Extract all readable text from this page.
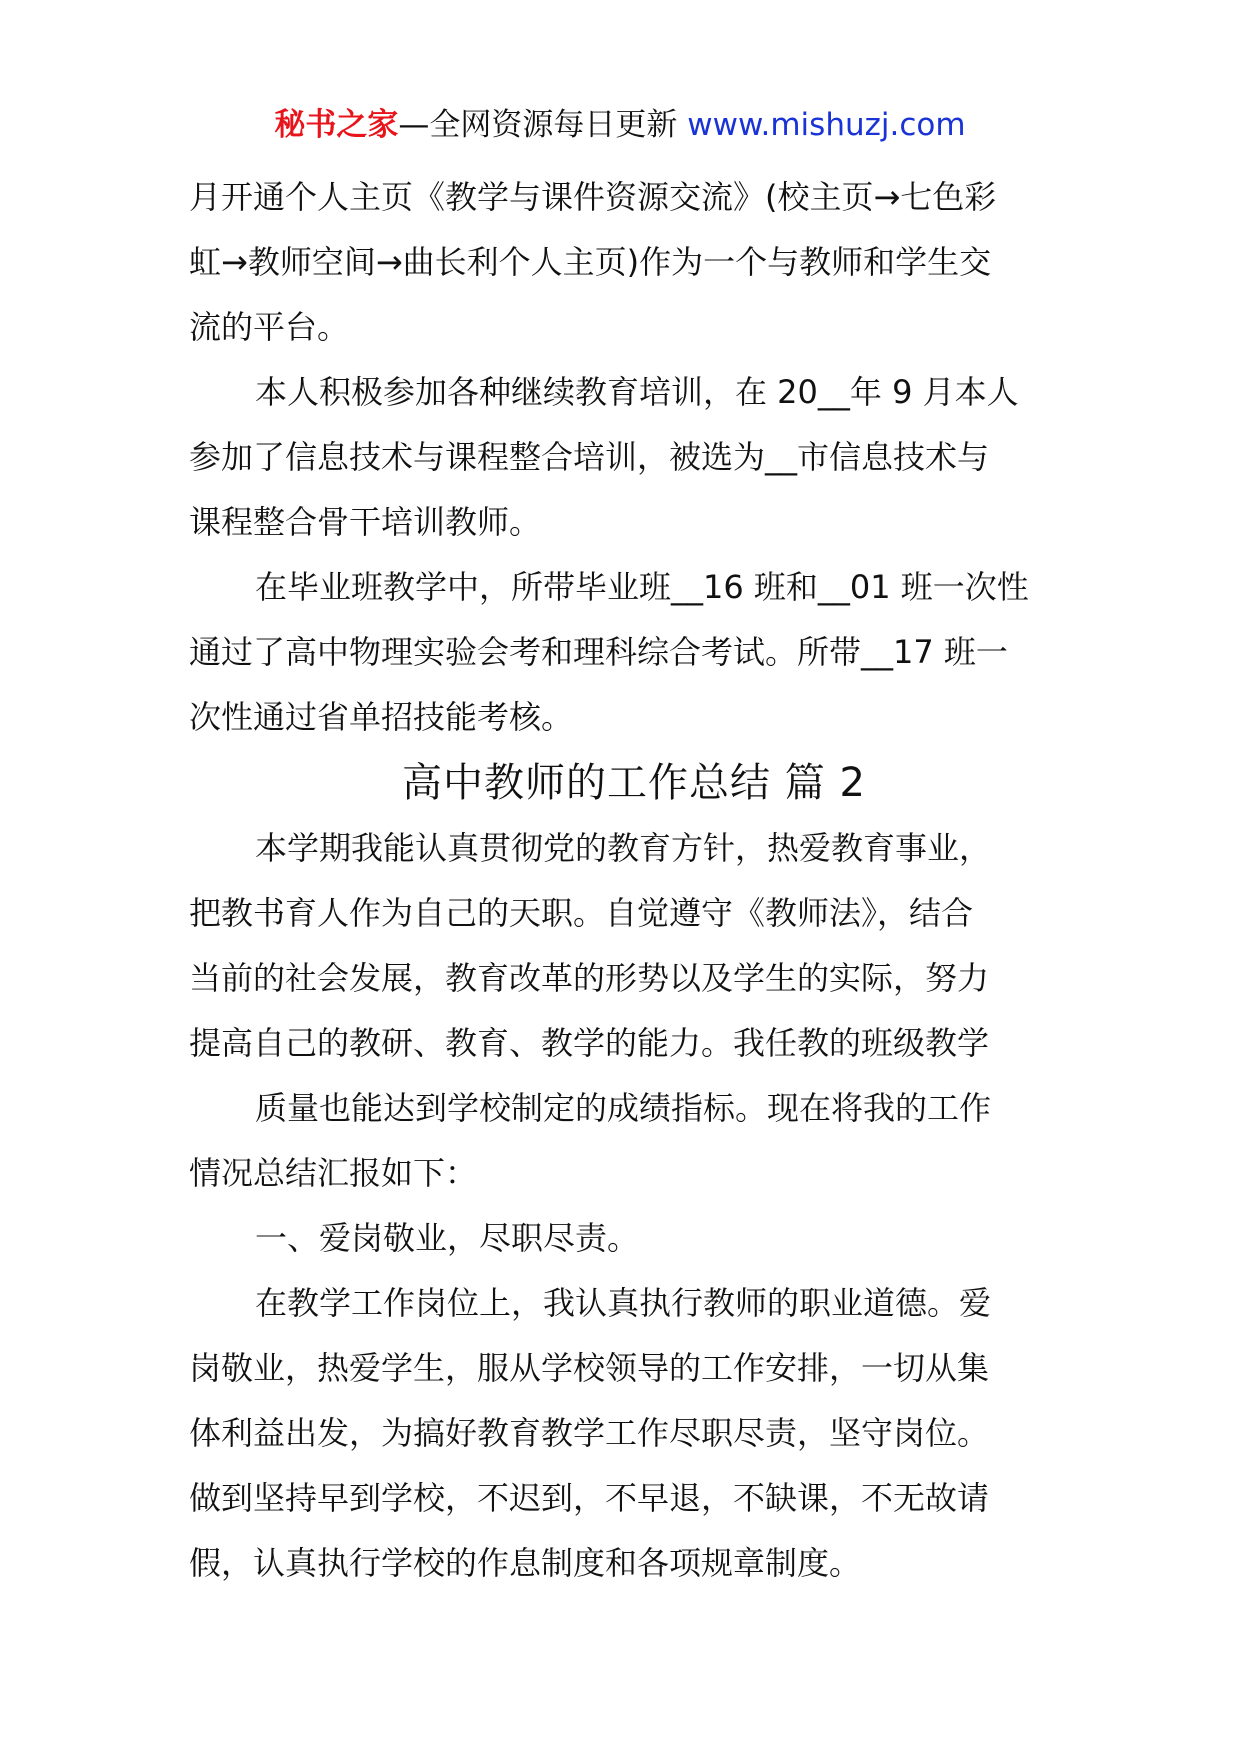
秘书之家—全网资源每日更新 www.mishuzj.com

月开通个人主页《教学与课件资源交流》(校主页→七色彩

虹→教师空间→曲长利个人主页)作为一个与教师和学生交

流的平台。

本人积极参加各种继续教育培训，在 20__年 9 月本人

参加了信息技术与课程整合培训，被选为__市信息技术与

课程整合骨干培训教师。

在毕业班教学中，所带毕业班__16 班和__01 班一次性

通过了高中物理实验会考和理科综合考试。所带__17 班一

次性通过省单招技能考核。

高中教师的工作总结 篇 2

本学期我能认真贯彻党的教育方针，热爱教育事业，

把教书育人作为自己的天职。自觉遵守《教师法》，结合

当前的社会发展，教育改革的形势以及学生的实际，努力

提高自己的教研、教育、教学的能力。我任教的班级教学

质量也能达到学校制定的成绩指标。现在将我的工作

情况总结汇报如下：

一、爱岗敬业，尽职尽责。

在教学工作岗位上，我认真执行教师的职业道德。爱

岗敬业，热爱学生，服从学校领导的工作安排，一切从集

体利益出发，为搞好教育教学工作尽职尽责，坚守岗位。

做到坚持早到学校，不迟到，不早退，不缺课，不无故请

假，认真执行学校的作息制度和各项规章制度。
